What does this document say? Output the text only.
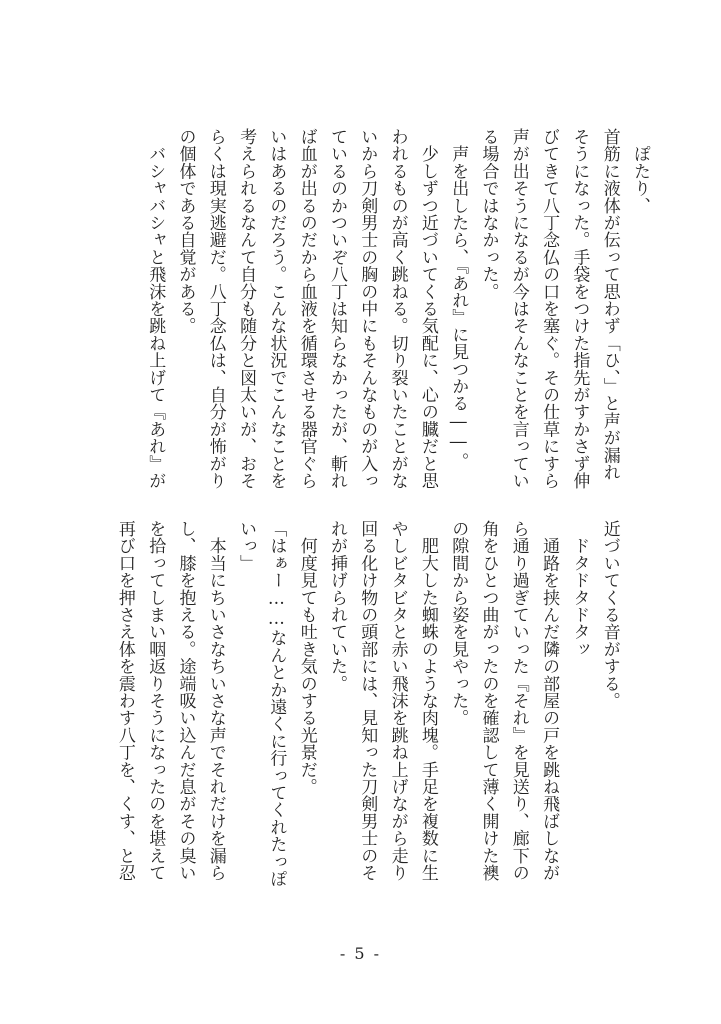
　ぽたり、
首筋に液体が伝って思わず「ひ、」と声が漏れ
そうになった。手袋をつけた指先がすかさず伸
びてきて八丁念仏の口を塞ぐ。その仕草にすら
声が出そうになるが今はそんなことを言ってい
る場合ではなかった。
　声を出したら、『あれ』に見つかる――。
　少しずつ近づいてくる気配に、心の臓だと思
われるものが高く跳ねる。切り裂いたことがな
いから刀剣男士の胸の中にもそんなものが入っ
ているのかついぞ八丁は知らなかったが、斬れ
ば血が出るのだから血液を循環させる器官ぐら
いはあるのだろう。こんな状況でこんなことを
考えられるなんて自分も随分と図太いが、おそ
らくは現実逃避だ。八丁念仏は、自分が怖がり
の個体である自覚がある。
　バシャバシャと飛沫を跳ね上げて『あれ』が
近づいてくる音がする。
　ドタドタドタッ
　通路を挟んだ隣の部屋の戸を跳ね飛ばしなが
ら通り過ぎていった『それ』を見送り、廊下の
角をひとつ曲がったのを確認して薄く開けた襖
の隙間から姿を見やった。
　肥大した蜘蛛のような肉塊。手足を複数に生
やしビタビタと赤い飛沫を跳ね上げながら走り
回る化け物の頭部には、見知った刀剣男士のそ
れが挿げられていた。
　何度見ても吐き気のする光景だ。
「はぁー……なんとか遠くに行ってくれたっぽ
いっ」
　本当にちいさなちいさな声でそれだけを漏ら
し、膝を抱える。途端吸い込んだ息がその臭い
を拾ってしまい咽返りそうになったのを堪えて
再び口を押さえ体を震わす八丁を、くす、と忍
- 5 -
